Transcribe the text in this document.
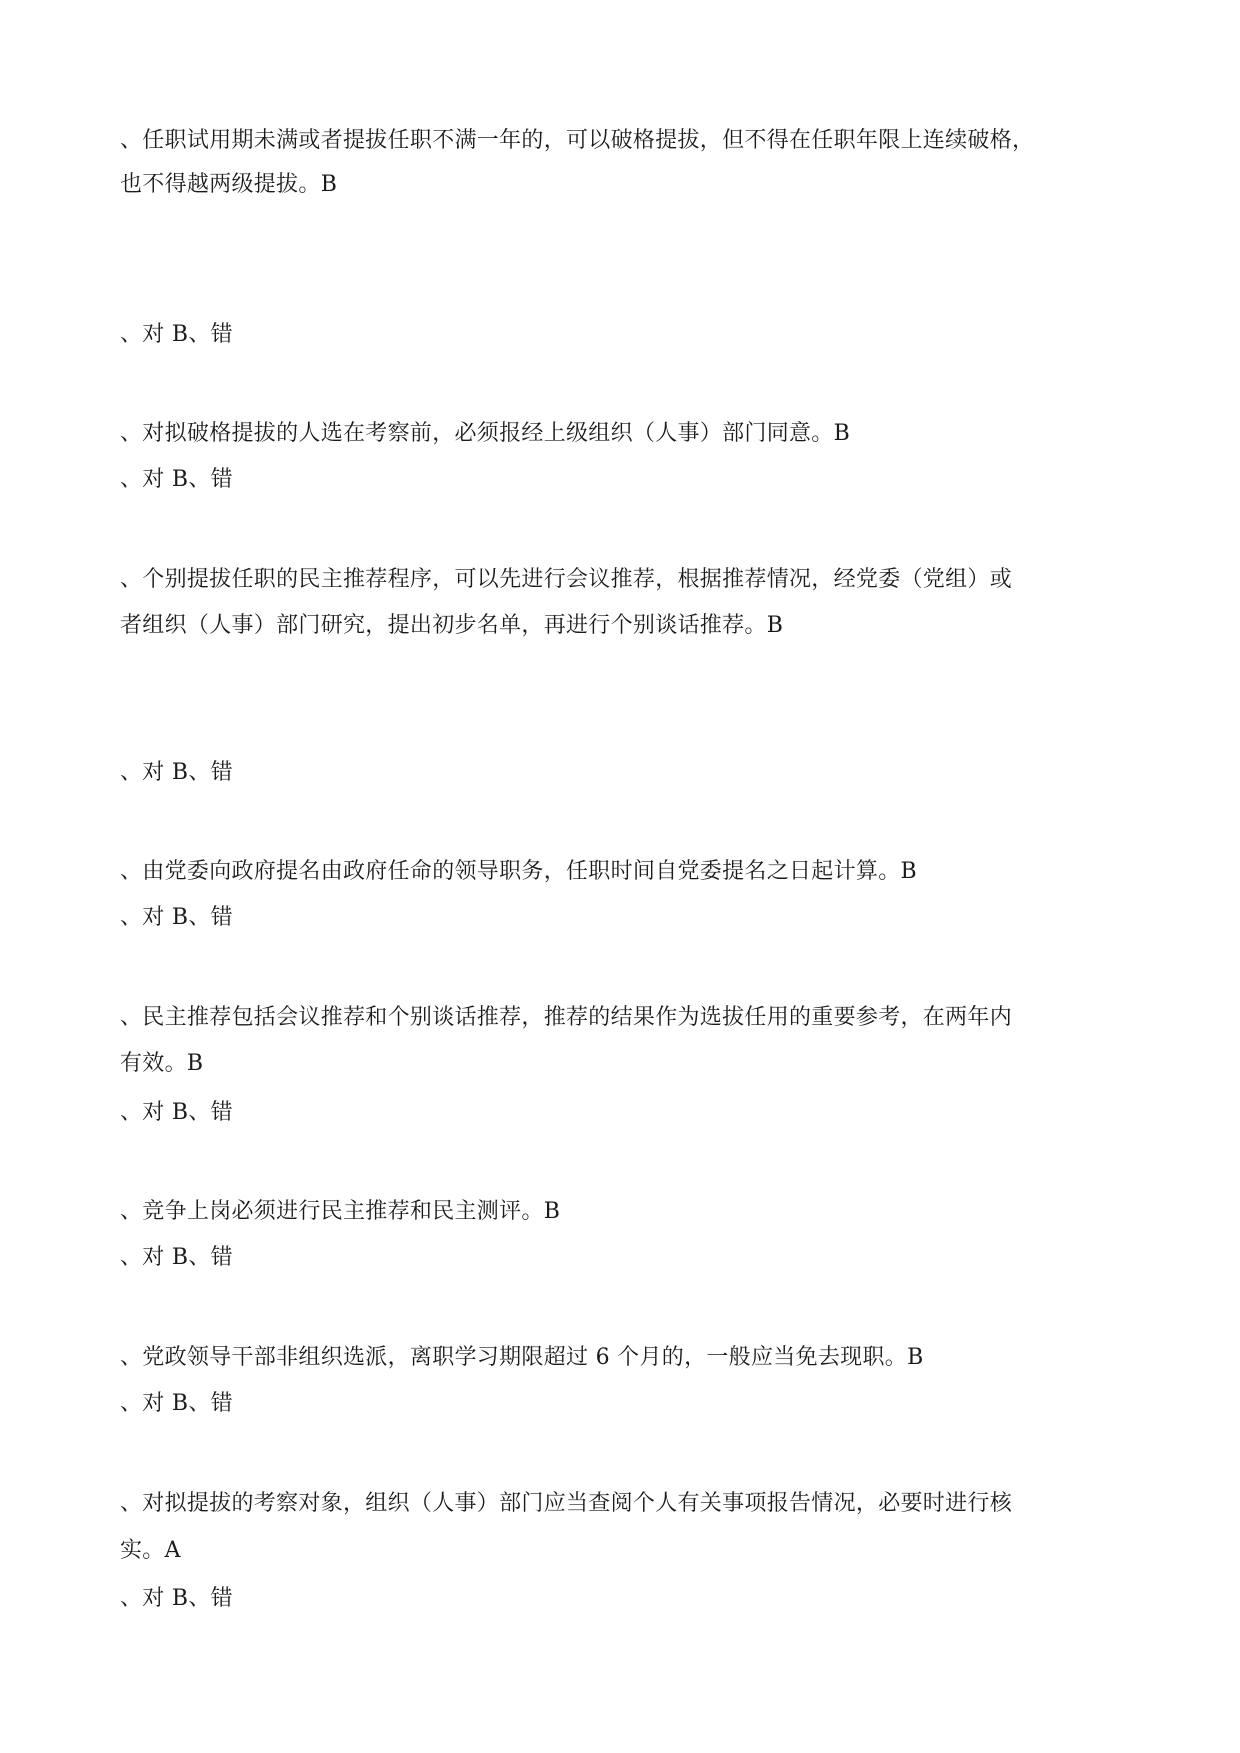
、任职试用期未满或者提拔任职不满一年的，可以破格提拔，但不得在任职年限上连续破格，
也不得越两级提拔。B
、对 B、错
、对拟破格提拔的人选在考察前，必须报经上级组织（人事）部门同意。B
、对 B、错
、个别提拔任职的民主推荐程序，可以先进行会议推荐，根据推荐情况，经党委（党组）或
者组织（人事）部门研究，提出初步名单，再进行个别谈话推荐。B
、对 B、错
、由党委向政府提名由政府任命的领导职务，任职时间自党委提名之日起计算。B
、对 B、错
、民主推荐包括会议推荐和个别谈话推荐，推荐的结果作为选拔任用的重要参考，在两年内
有效。B
、对 B、错
、竞争上岗必须进行民主推荐和民主测评。B
、对 B、错
、党政领导干部非组织选派，离职学习期限超过 6 个月的，一般应当免去现职。B
、对 B、错
、对拟提拔的考察对象，组织（人事）部门应当查阅个人有关事项报告情况，必要时进行核
实。A
、对 B、错
